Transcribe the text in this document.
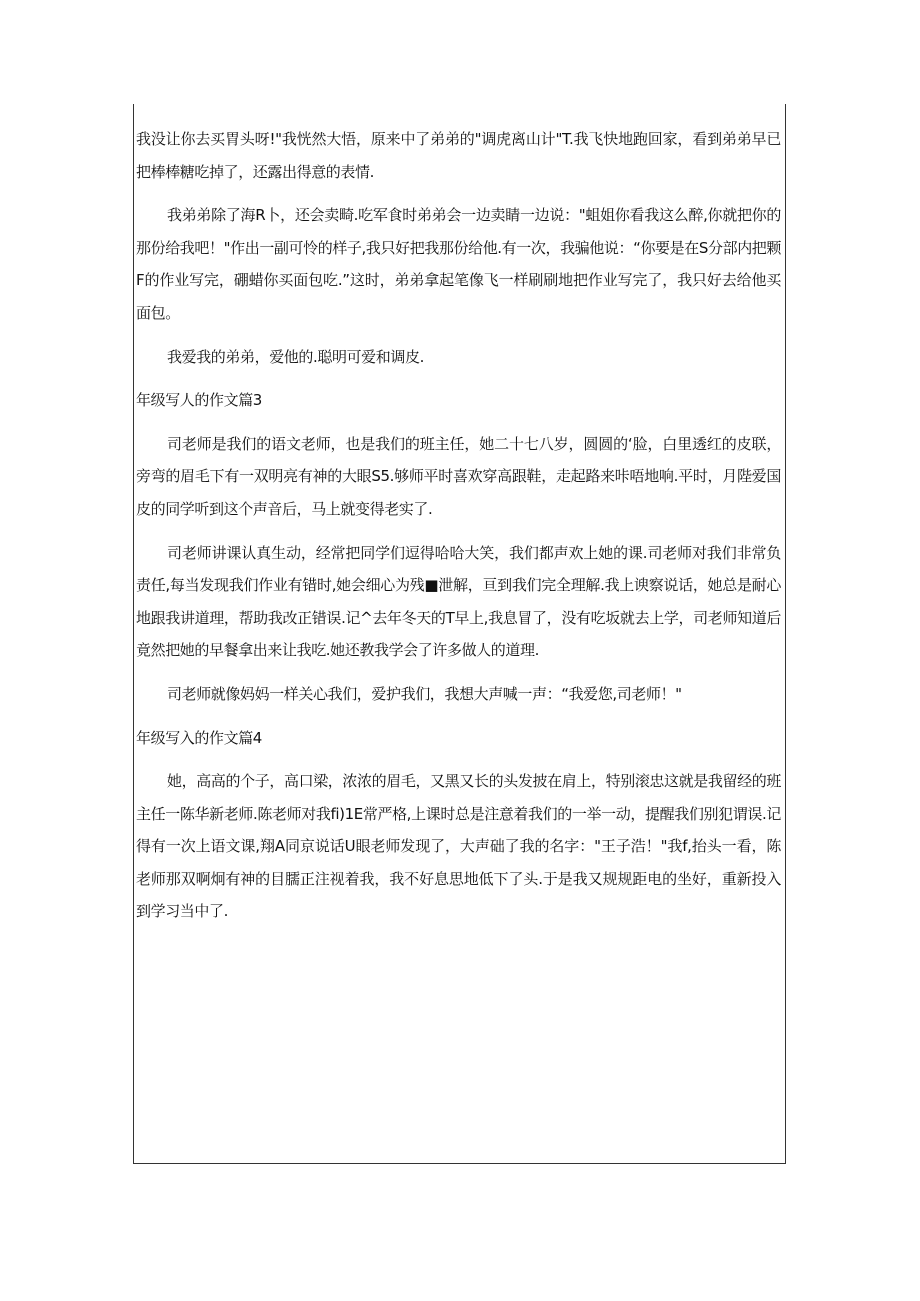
我没让你去买胃头呀!"我恍然大悟，原来中了弟弟的"调虎离山计"T.我飞快地跑回家，看到弟弟早已把棒棒糖吃掉了，还露出得意的表情.

我弟弟除了海R卜，还会卖畸.吃军食时弟弟会一边卖睛一边说："蛆姐你看我这么醉,你就把你的那份给我吧！"作出一副可怜的样子,我只好把我那份给他.有一次，我骗他说：“你要是在S分部内把颗F的作业写完，硼蜡你买面包吃.”这时，弟弟拿起笔像飞一样刷刷地把作业写完了，我只好去给他买面包。

我爱我的弟弟，爱他的.聪明可爱和调皮.

年级写人的作文篇3

司老师是我们的语文老师，也是我们的班主任，她二十七八岁，圆圆的‘脸，白里透红的皮联，旁弯的眉毛下有一双明亮有神的大眼S5.够师平时喜欢穿高跟鞋，走起路来咔唔地响.平时，月陛爱国皮的同学听到这个声音后，马上就变得老实了.

司老师讲课认真生动，经常把同学们逗得哈哈大笑，我们都声欢上她的课.司老师对我们非常负责任,每当发现我们作业有错时,她会细心为残■泄解，亘到我们完全理解.我上谀察说话，她总是耐心地跟我讲道理，帮助我改正错误.记^去年冬天的T早上,我息冒了，没有吃坂就去上学，司老师知道后竟然把她的早餐拿出来让我吃.她还教我学会了许多做人的道理.

司老师就像妈妈一样关心我们，爱护我们，我想大声喊一声：“我爱您,司老师！"

年级写入的作文篇4

她，高高的个子，高口梁，浓浓的眉毛，又黑又长的头发披在肩上，特别滚忠这就是我留经的班主任一陈华新老师.陈老师对我fi)1E常严格,上课时总是注意着我们的一举一动，提醒我们别犯谓误.记得有一次上语文课,翔A同京说话U眼老师发现了，大声础了我的名字："王子浩！"我f,抬头一看，陈老师那双啊炯有神的目臑正注视着我，我不好息思地低下了头.于是我又规规距电的坐好，重新投入到学习当中了.
